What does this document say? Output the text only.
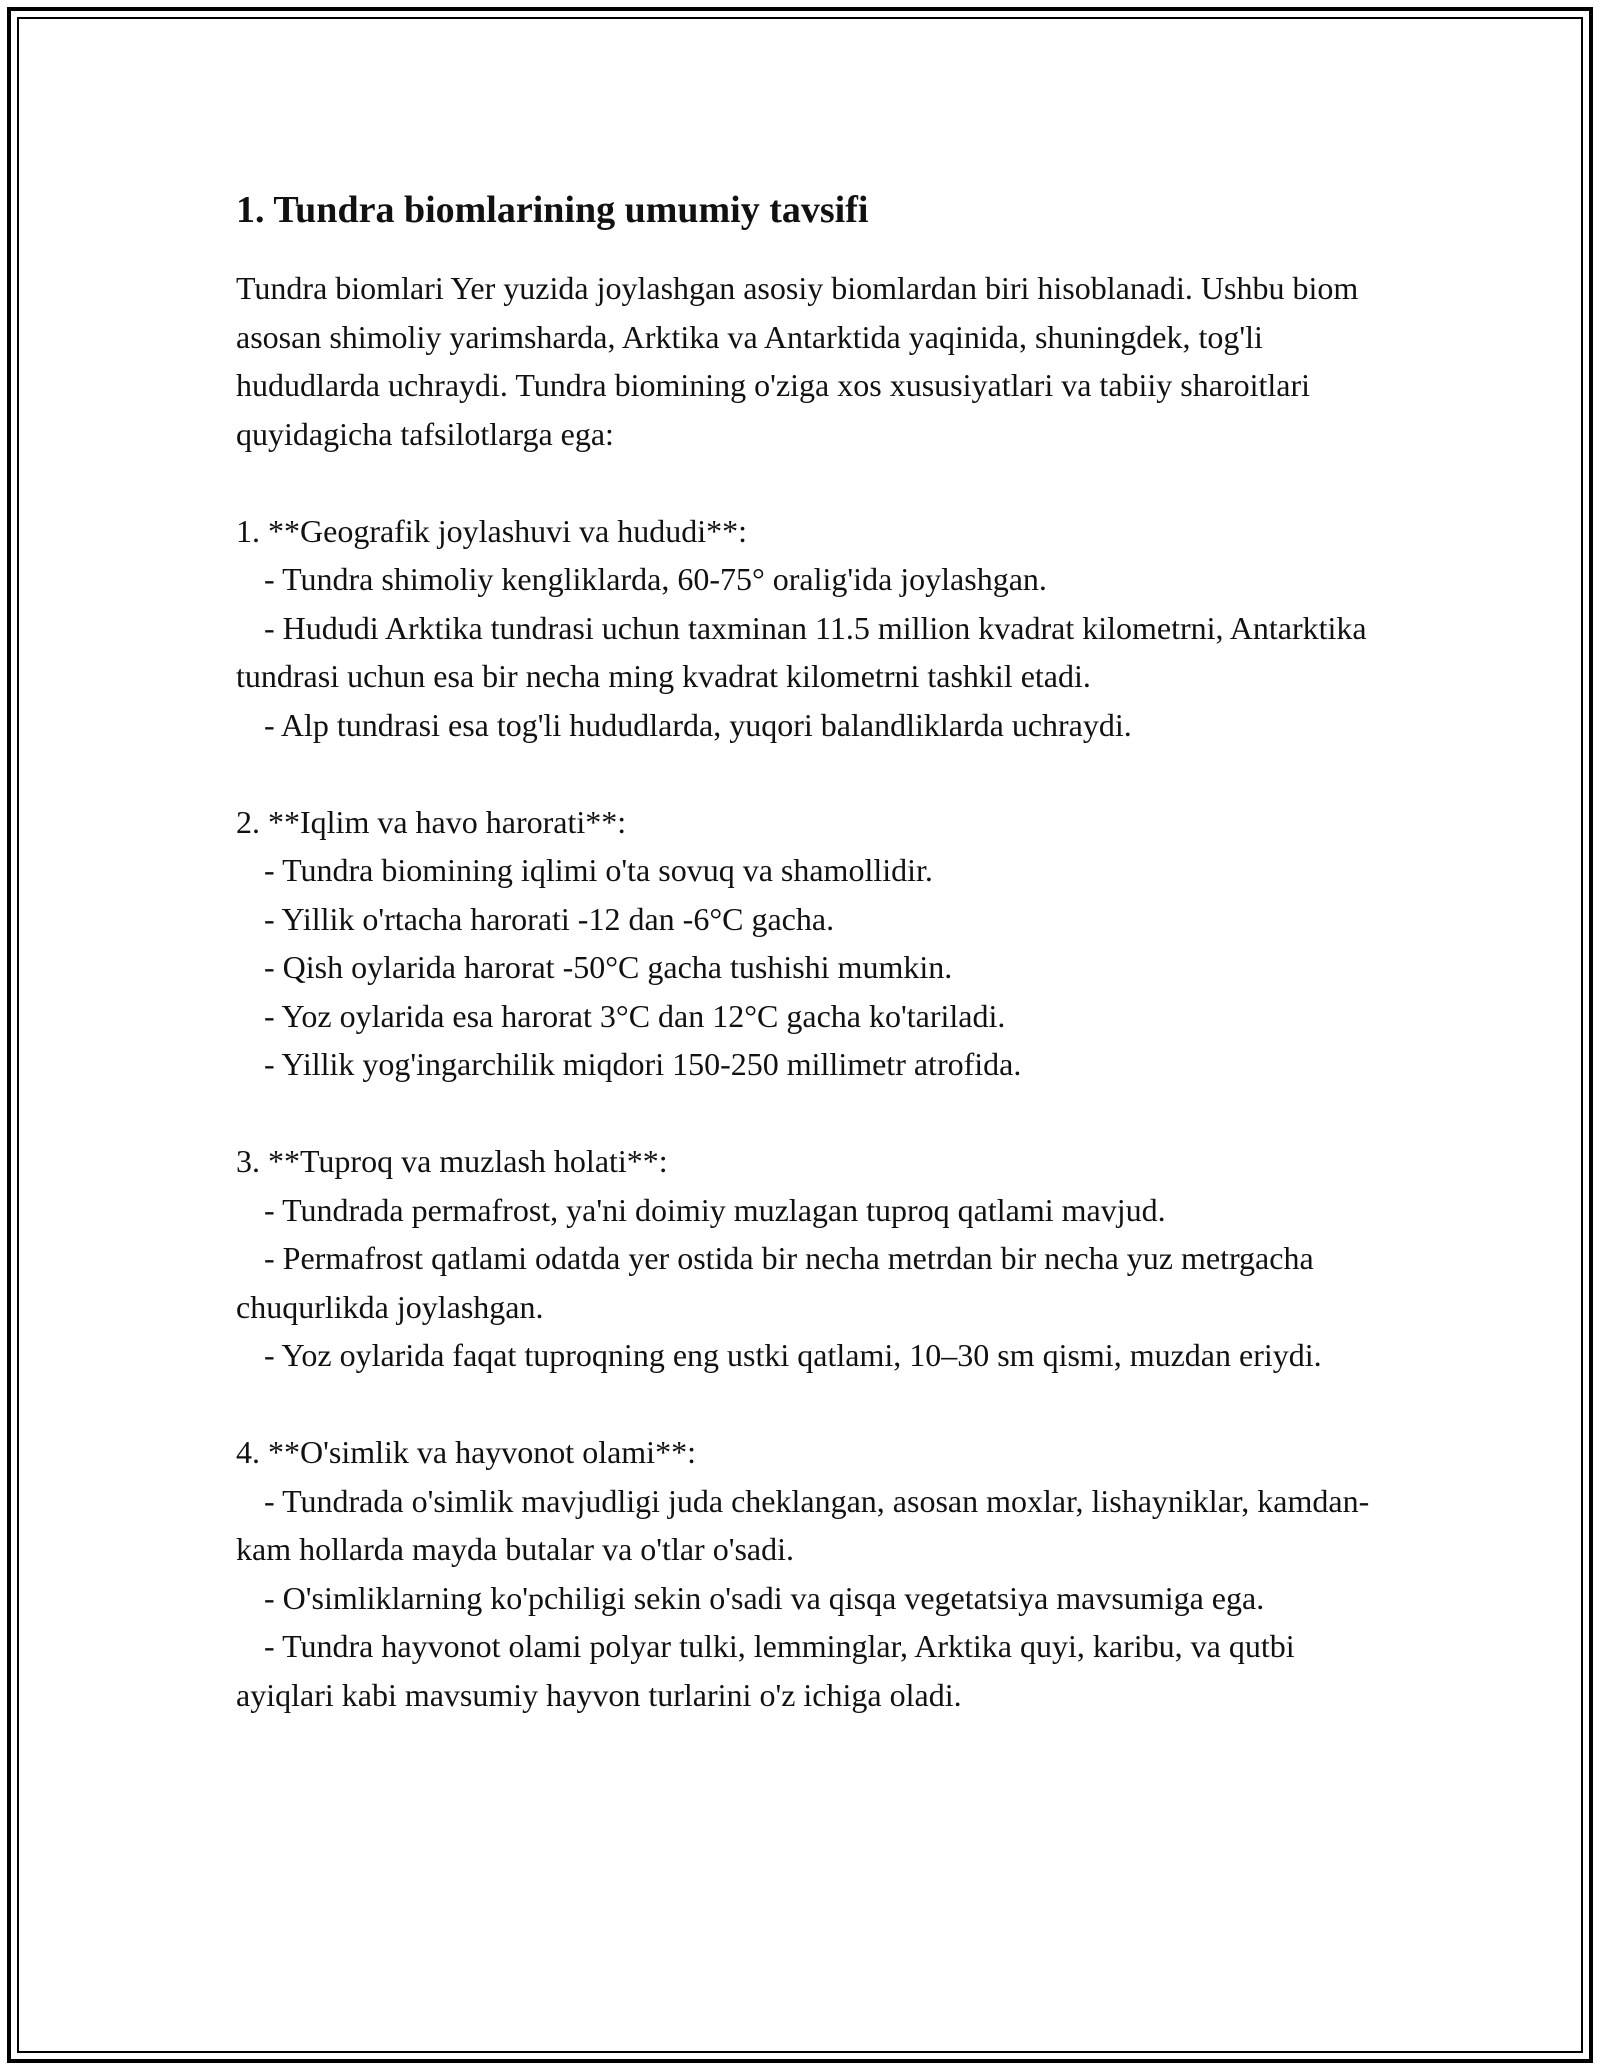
1. Tundra biomlarining umumiy tavsifi

Tundra biomlari Yer yuzida joylashgan asosiy biomlardan biri hisoblanadi. Ushbu biom asosan shimoliy yarimsharda, Arktika va Antarktida yaqinida, shuningdek, tog'li hududlarda uchraydi. Tundra biomining o'ziga xos xususiyatlari va tabiiy sharoitlari quyidagicha tafsilotlarga ega:

1. **Geografik joylashuvi va hududi**:
- Tundra shimoliy kengliklarda, 60-75° oralig'ida joylashgan.
- Hududi Arktika tundrasi uchun taxminan 11.5 million kvadrat kilometrni, Antarktika tundrasi uchun esa bir necha ming kvadrat kilometrni tashkil etadi.
- Alp tundrasi esa tog'li hududlarda, yuqori balandliklarda uchraydi.
2. **Iqlim va havo harorati**:
- Tundra biomining iqlimi o'ta sovuq va shamollidir.
- Yillik o'rtacha harorati -12 dan -6°C gacha.
- Qish oylarida harorat -50°C gacha tushishi mumkin.
- Yoz oylarida esa harorat 3°C dan 12°C gacha ko'tariladi.
- Yillik yog'ingarchilik miqdori 150-250 millimetr atrofida.
3. **Tuproq va muzlash holati**:
- Tundrada permafrost, ya'ni doimiy muzlagan tuproq qatlami mavjud.
- Permafrost qatlami odatda yer ostida bir necha metrdan bir necha yuz metrgacha chuqurlikda joylashgan.
- Yoz oylarida faqat tuproqning eng ustki qatlami, 10–30 sm qismi, muzdan eriydi.
4. **O'simlik va hayvonot olami**:
- Tundrada o'simlik mavjudligi juda cheklangan, asosan moxlar, lishayniklar, kamdan-kam hollarda mayda butalar va o'tlar o'sadi.
- O'simliklarning ko'pchiligi sekin o'sadi va qisqa vegetatsiya mavsumiga ega.
- Tundra hayvonot olami polyar tulki, lemminglar, Arktika quyi, karibu, va qutbi ayiqlari kabi mavsumiy hayvon turlarini o'z ichiga oladi.
